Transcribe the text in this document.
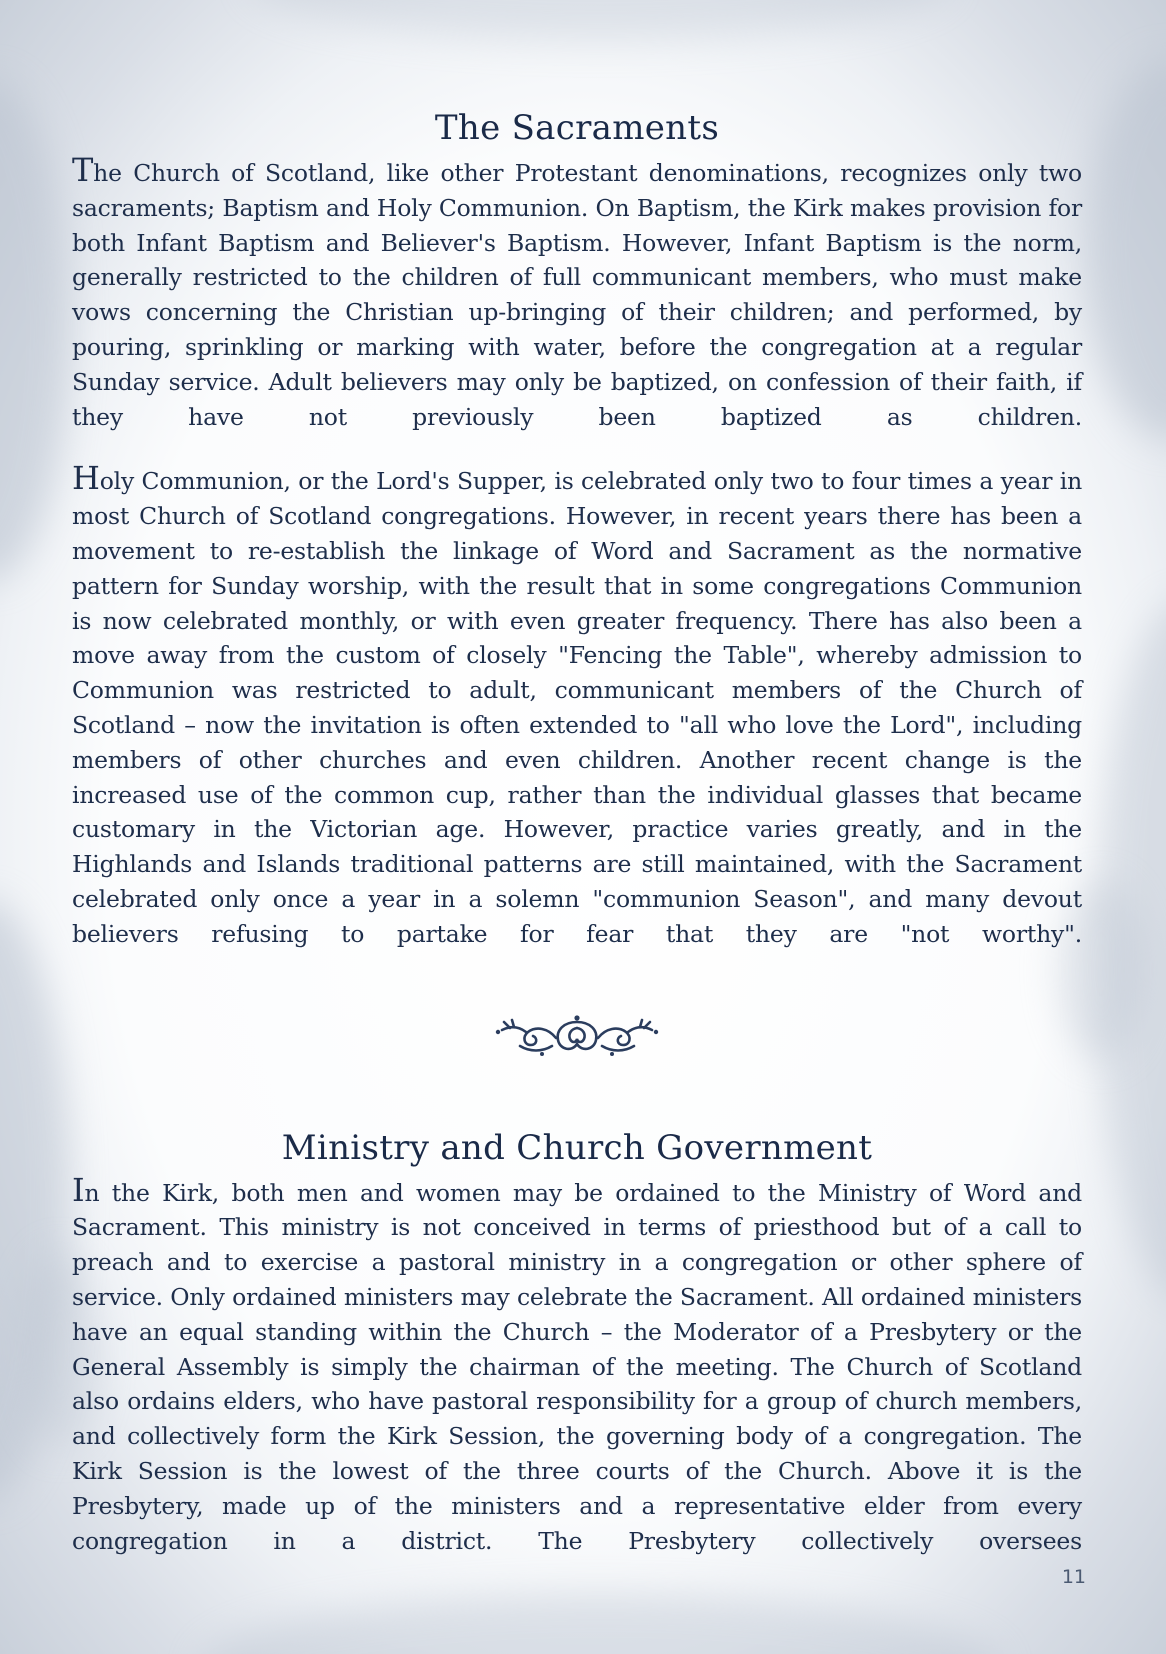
The Sacraments

The Church of Scotland, like other Protestant denominations, recognizes only two sacraments; Baptism and Holy Communion. On Baptism, the Kirk makes provision for both Infant Baptism and Believer's Baptism. However, Infant Baptism is the norm, generally restricted to the children of full communicant members, who must make vows concerning the Christian up-bringing of their children; and performed, by pouring, sprinkling or marking with water, before the congregation at a regular Sunday service. Adult believers may only be baptized, on confession of their faith, if they have not previously been baptized as children.

Holy Communion, or the Lord's Supper, is celebrated only two to four times a year in most Church of Scotland congregations. However, in recent years there has been a movement to re-establish the linkage of Word and Sacrament as the normative pattern for Sunday worship, with the result that in some congregations Communion is now celebrated monthly, or with even greater frequency. There has also been a move away from the custom of closely "Fencing the Table", whereby admission to Communion was restricted to adult, communicant members of the Church of Scotland – now the invitation is often extended to "all who love the Lord", including members of other churches and even children. Another recent change is the increased use of the common cup, rather than the individual glasses that became customary in the Victorian age. However, practice varies greatly, and in the Highlands and Islands traditional patterns are still maintained, with the Sacrament celebrated only once a year in a solemn "communion Season", and many devout believers refusing to partake for fear that they are "not worthy".

Ministry and Church Government

In the Kirk, both men and women may be ordained to the Ministry of Word and Sacrament. This ministry is not conceived in terms of priesthood but of a call to preach and to exercise a pastoral ministry in a congregation or other sphere of service. Only ordained ministers may celebrate the Sacrament. All ordained ministers have an equal standing within the Church – the Moderator of a Presbytery or the General Assembly is simply the chairman of the meeting. The Church of Scotland also ordains elders, who have pastoral responsibility for a group of church members, and collectively form the Kirk Session, the governing body of a congregation. The Kirk Session is the lowest of the three courts of the Church. Above it is the Presbytery, made up of the ministers and a representative elder from every congregation in a district. The Presbytery collectively oversees

11
